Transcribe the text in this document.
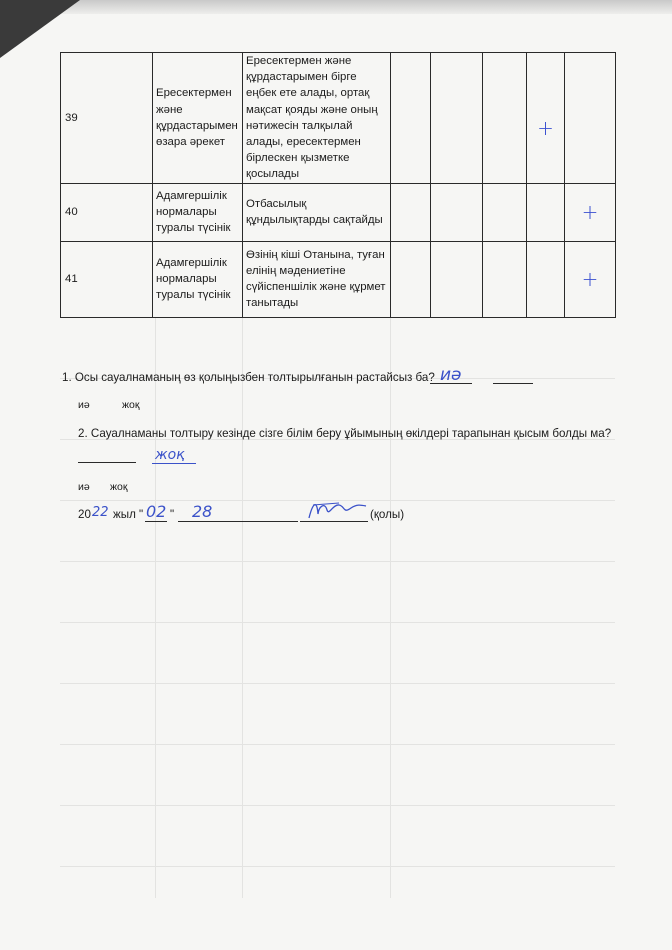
39	Ересектермен және құрдастарымен өзара әрекет	Ересектермен және құрдастарымен бірге еңбек ете алады, ортақ мақсат қояды және оның нәтижесін талқылай алады, ересектермен бірлескен қызметке қосылады				+	
40	Адамгершілік нормалары туралы түсінік	Отбасылық құндылықтарды сақтайды					+
41	Адамгершілік нормалары туралы түсінік	Өзінің кіші Отанына, туған елінің мәдениетіне сүйіспеншілік және құрмет танытады					+
1. Осы сауалнаманың өз қолыңызбен толтырылғанын растайсыз ба? иә
иә	жоқ
2. Сауалнаманы толтыру кезінде сізге білім беру ұйымының өкілдері тарапынан қысым болды ма?
жоқ
иә жоқ
20 22 жыл " 02 " 28	(қолы)
